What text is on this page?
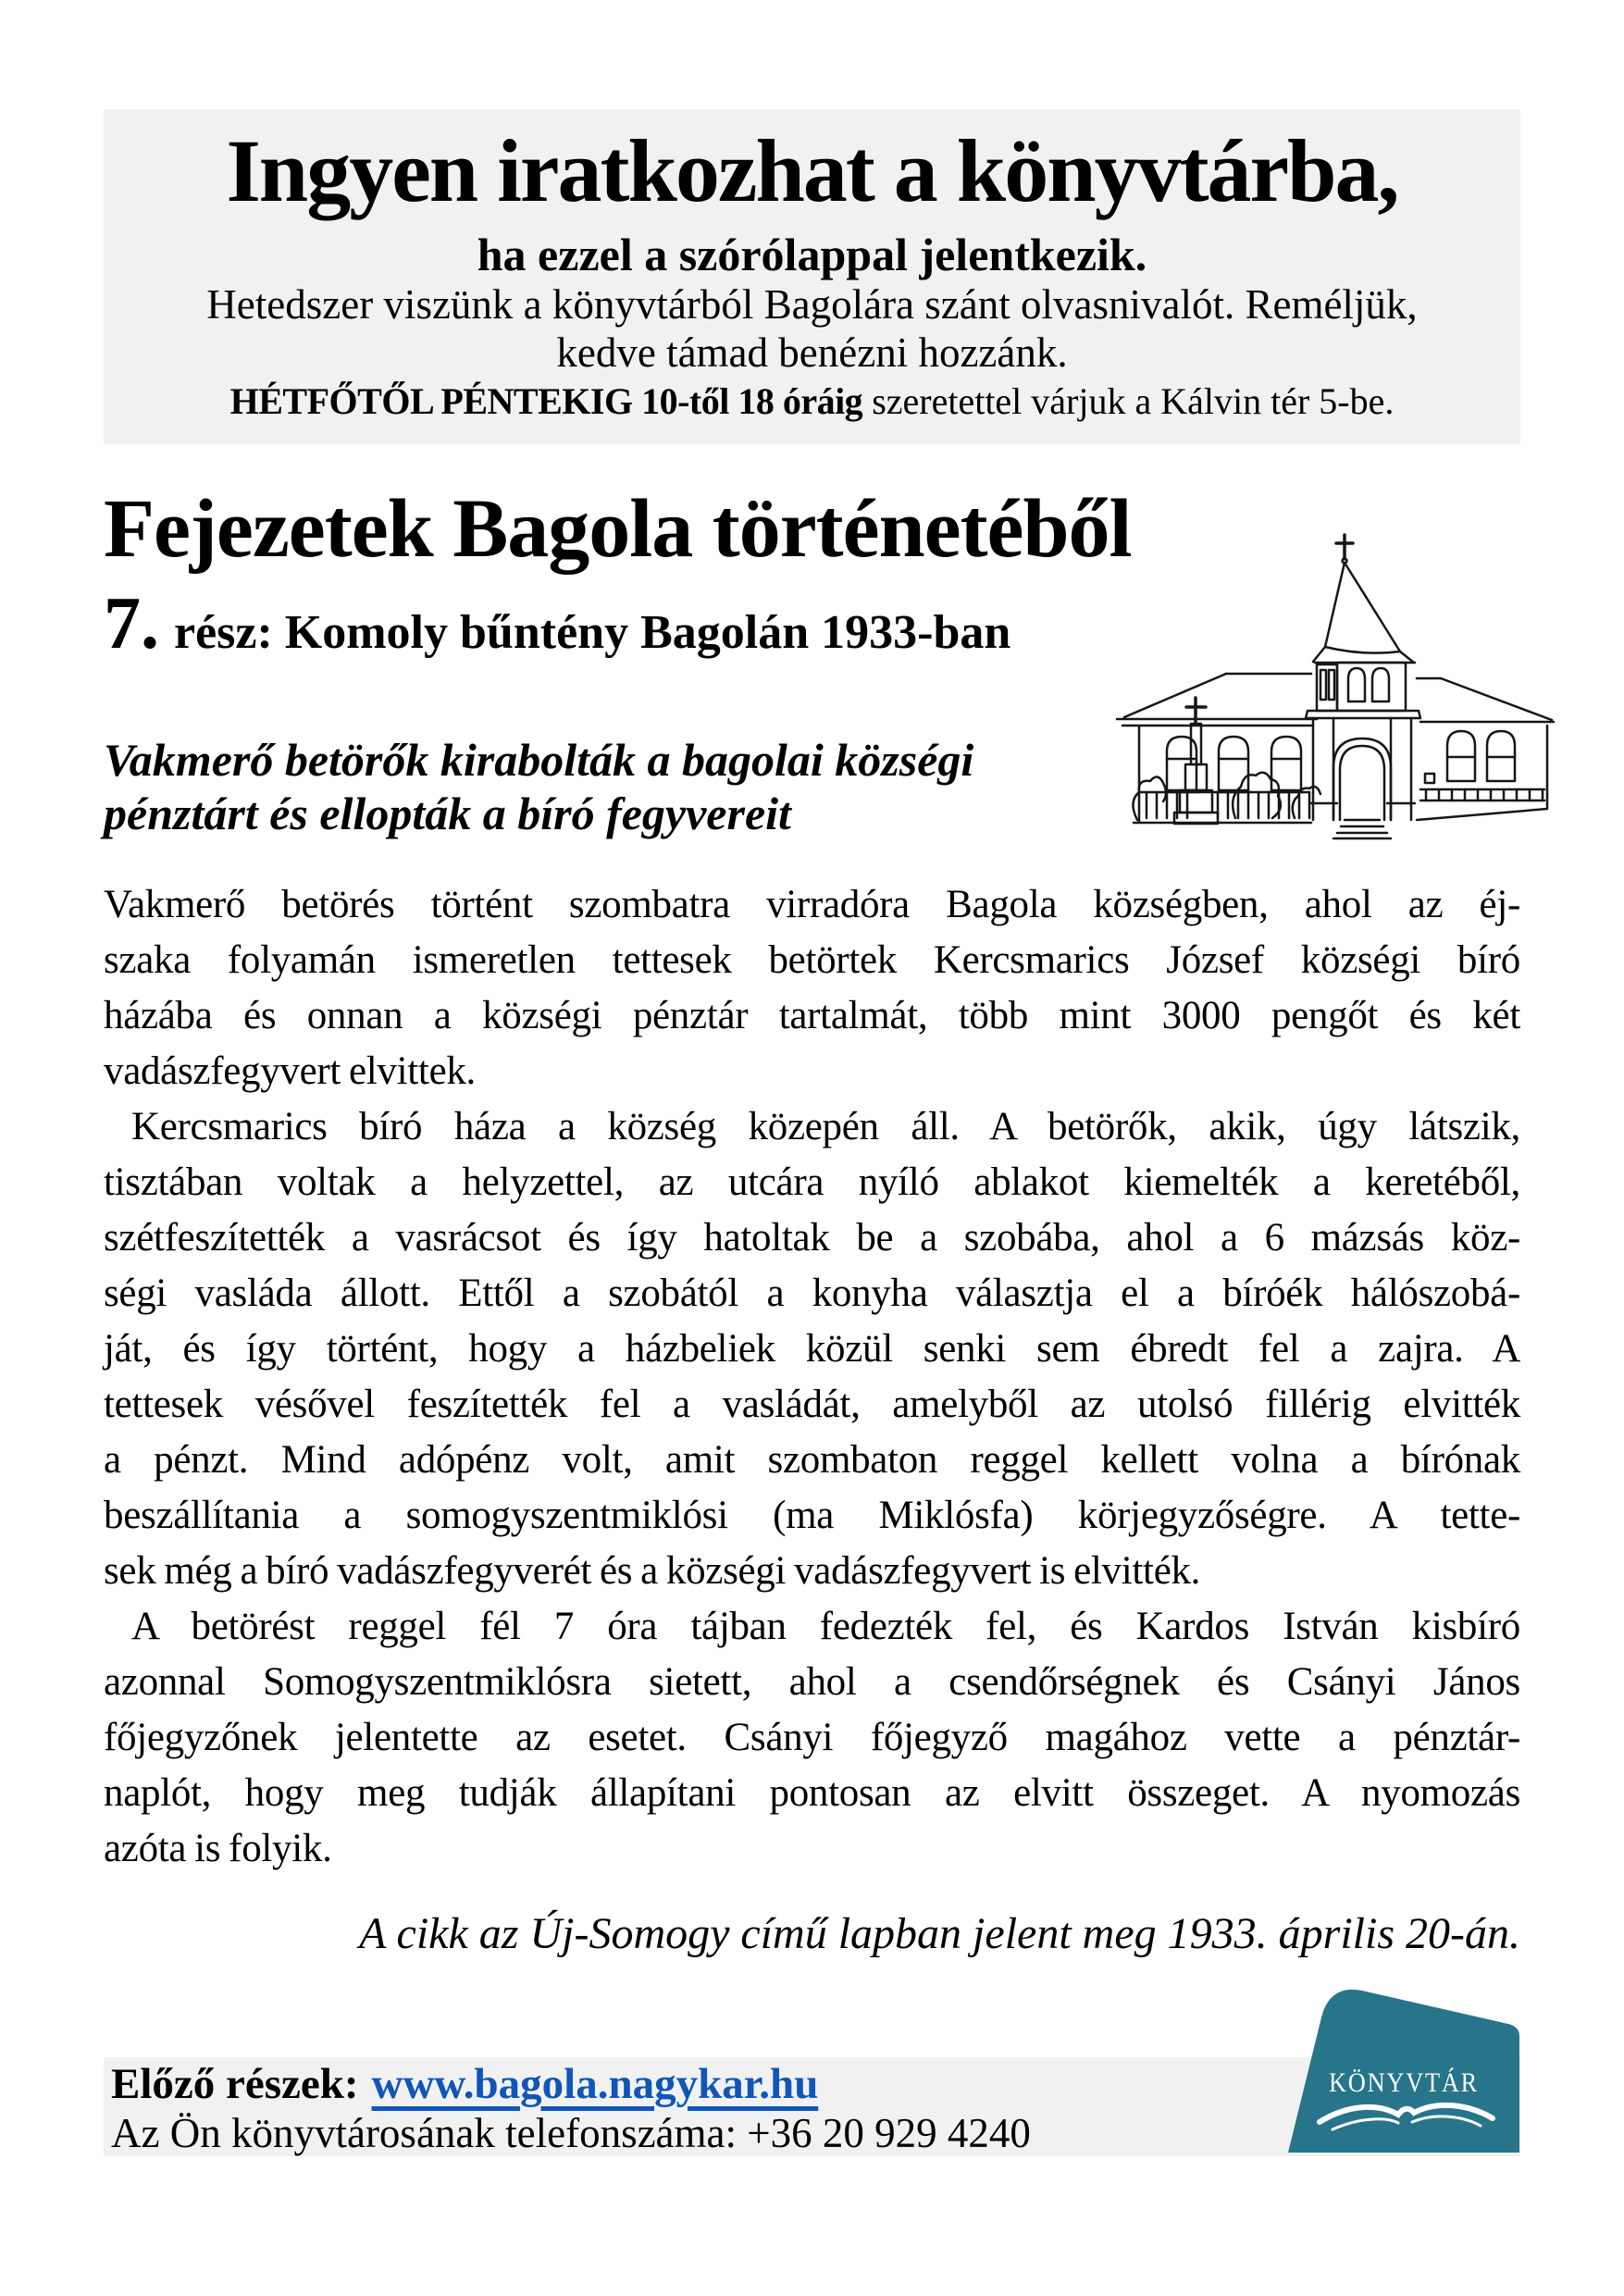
Ingyen iratkozhat a könyvtárba,
ha ezzel a szórólappal jelentkezik.
Hetedszer viszünk a könyvtárból Bagolára szánt olvasnivalót. Reméljük,
kedve támad benézni hozzánk.
HÉTFŐTŐL PÉNTEKIG 10-től 18 óráig szeretettel várjuk a Kálvin tér 5-be.
Fejezetek Bagola történetéből
7. rész: Komoly bűntény Bagolán 1933-ban
Vakmerő betörők kirabolták a bagolai községi
pénztárt és ellopták a bíró fegyvereit
Vakmerő betörés történt szombatra virradóra Bagola községben, ahol az éj-
szaka folyamán ismeretlen tettesek betörtek Kercsmarics József községi bíró
házába és onnan a községi pénztár tartalmát, több mint 3000 pengőt és két
vadászfegyvert elvittek.
Kercsmarics bíró háza a község közepén áll. A betörők, akik, úgy látszik,
tisztában voltak a helyzettel, az utcára nyíló ablakot kiemelték a keretéből,
szétfeszítették a vasrácsot és így hatoltak be a szobába, ahol a 6 mázsás köz-
ségi vasláda állott. Ettől a szobától a konyha választja el a bíróék hálószobá-
ját, és így történt, hogy a házbeliek közül senki sem ébredt fel a zajra. A
tettesek vésővel feszítették fel a vasládát, amelyből az utolsó fillérig elvitték
a pénzt. Mind adópénz volt, amit szombaton reggel kellett volna a bírónak
beszállítania a somogyszentmiklósi (ma Miklósfa) körjegyzőségre. A tette-
sek még a bíró vadászfegyverét és a községi vadászfegyvert is elvitték.
A betörést reggel fél 7 óra tájban fedezték fel, és Kardos István kisbíró
azonnal Somogyszentmiklósra sietett, ahol a csendőrségnek és Csányi János
főjegyzőnek jelentette az esetet. Csányi főjegyző magához vette a pénztár-
naplót, hogy meg tudják állapítani pontosan az elvitt összeget. A nyomozás
azóta is folyik.
A cikk az Új-Somogy című lapban jelent meg 1933. április 20-án.
Előző részek: www.bagola.nagykar.hu
Az Ön könyvtárosának telefonszáma: +36 20 929 4240
KÖNYVTÁR
